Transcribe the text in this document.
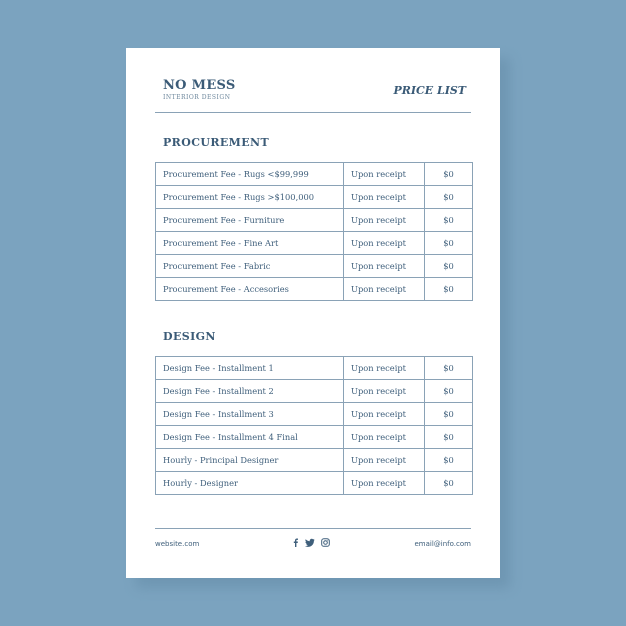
NO MESS
INTERIOR DESIGN
PRICE LIST
PROCUREMENT
Procurement Fee - Rugs <$99,999	Upon receipt	$0
Procurement Fee - Rugs >$100,000	Upon receipt	$0
Procurement Fee - Furniture	Upon receipt	$0
Procurement Fee - Fine Art	Upon receipt	$0
Procurement Fee - Fabric	Upon receipt	$0
Procurement Fee - Accesories	Upon receipt	$0
DESIGN
Design Fee - Installment 1	Upon receipt	$0
Design Fee - Installment 2	Upon receipt	$0
Design Fee - Installment 3	Upon receipt	$0
Design Fee - Installment 4 Final	Upon receipt	$0
Hourly - Principal Designer	Upon receipt	$0
Hourly - Designer	Upon receipt	$0
website.com	email@info.com
